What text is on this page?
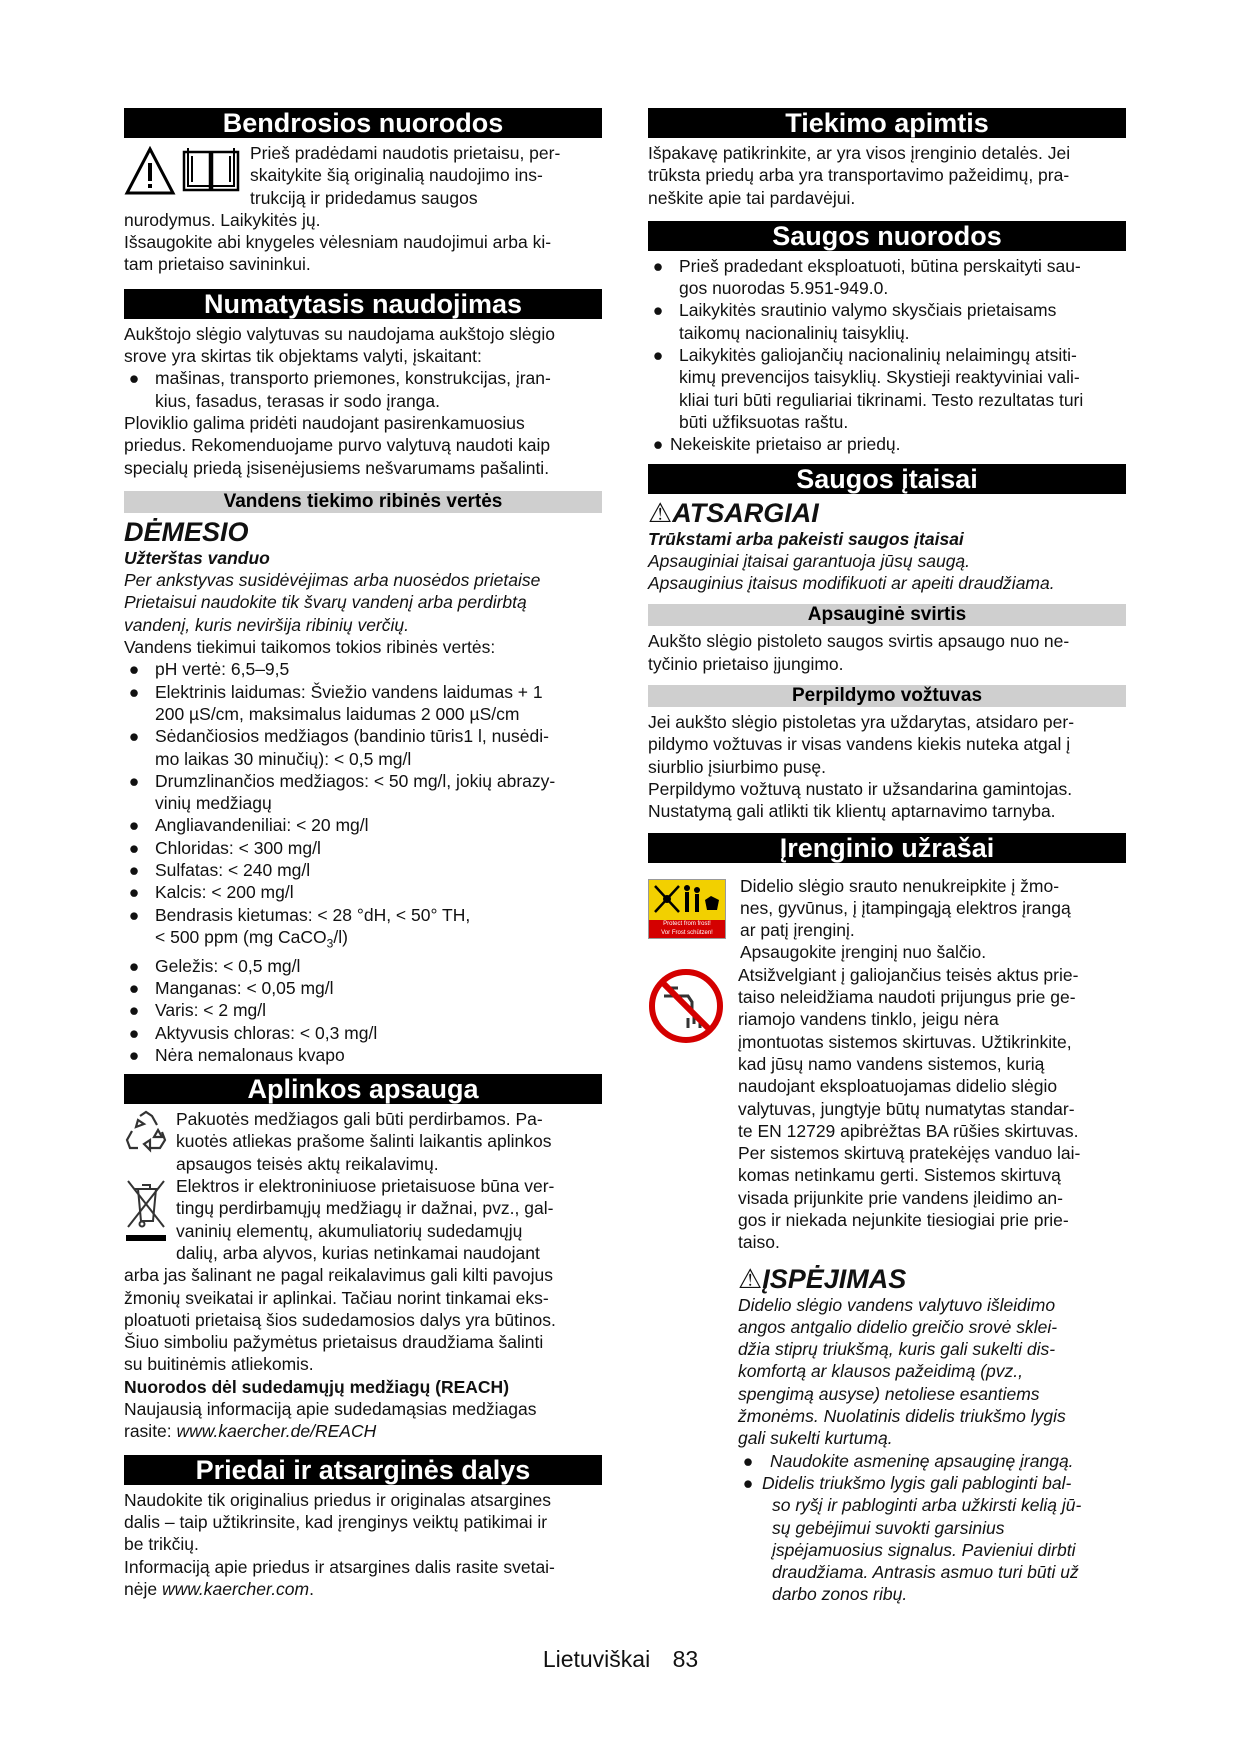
Bendrosios nuorodos

Prieš pradėdami naudotis prietaisu, per-

skaitykite šią originalią naudojimo ins-

trukciją ir pridedamus saugos

nurodymus. Laikykitės jų.

Išsaugokite abi knygeles vėlesniam naudojimui arba ki-

tam prietaiso savininkui.

Numatytasis naudojimas

Aukštojo slėgio valytuvas su naudojama aukštojo slėgio

srove yra skirtas tik objektams valyti, įskaitant:

● mašinas, transporto priemones, konstrukcijas, įran-
kius, fasadus, terasas ir sodo įranga.

Ploviklio galima pridėti naudojant pasirenkamuosius

priedus. Rekomenduojame purvo valytuvą naudoti kaip

specialų priedą įsisenėjusiems nešvarumams pašalinti.

Vandens tiekimo ribinės vertės
DĖMESIO

Užterštas vanduo

Per ankstyvas susidėvėjimas arba nuosėdos prietaise

Prietaisui naudokite tik švarų vandenį arba perdirbtą

vandenį, kuris neviršija ribinių verčių.

Vandens tiekimui taikomos tokios ribinės vertės:

● pH vertė: 6,5–9,5
● Elektrinis laidumas: Šviežio vandens laidumas + 1
200 µS/cm, maksimalus laidumas 2 000 µS/cm
● Sėdančiosios medžiagos (bandinio tūris1 l, nusėdi-
mo laikas 30 minučių): < 0,5 mg/l
● Drumzlinančios medžiagos: < 50 mg/l, jokių abrazy-
vinių medžiagų
● Angliavandeniliai: < 20 mg/l
● Chloridas: < 300 mg/l
● Sulfatas: < 240 mg/l
● Kalcis: < 200 mg/l
● Bendrasis kietumas: < 28 °dH, < 50° TH,
< 500 ppm (mg CaCO$_3$/l)
● Geležis: < 0,5 mg/l
● Manganas: < 0,05 mg/l
● Varis: < 2 mg/l
● Aktyvusis chloras: < 0,3 mg/l
● Nėra nemalonaus kvapo
Aplinkos apsauga

Pakuotės medžiagos gali būti perdirbamos. Pa-

kuotės atliekas prašome šalinti laikantis aplinkos

apsaugos teisės aktų reikalavimų.

Elektros ir elektroniniuose prietaisuose būna ver-

tingų perdirbamųjų medžiagų ir dažnai, pvz., gal-

vaninių elementų, akumuliatorių sudedamųjų

dalių, arba alyvos, kurias netinkamai naudojant

arba jas šalinant ne pagal reikalavimus gali kilti pavojus

žmonių sveikatai ir aplinkai. Tačiau norint tinkamai eks-

ploatuoti prietaisą šios sudedamosios dalys yra būtinos.

Šiuo simboliu pažymėtus prietaisus draudžiama šalinti

su buitinėmis atliekomis.

Nuorodos dėl sudedamųjų medžiagų (REACH)

Naujausią informaciją apie sudedamąsias medžiagas

rasite: www.kaercher.de/REACH

Priedai ir atsarginės dalys

Naudokite tik originalius priedus ir originalas atsargines

dalis – taip užtikrinsite, kad įrenginys veiktų patikimai ir

be trikčių.

Informaciją apie priedus ir atsargines dalis rasite svetai-

nėje www.kaercher.com.

Tiekimo apimtis

Išpakavę patikrinkite, ar yra visos įrenginio detalės. Jei

trūksta priedų arba yra transportavimo pažeidimų, pra-

neškite apie tai pardavėjui.

Saugos nuorodos
● Prieš pradedant eksploatuoti, būtina perskaityti sau-
gos nuorodas 5.951-949.0.
● Laikykitės srautinio valymo skysčiais prietaisams
taikomų nacionalinių taisyklių.
● Laikykitės galiojančių nacionalinių nelaimingų atsiti-
kimų prevencijos taisyklių. Skystieji reaktyviniai vali-
kliai turi būti reguliariai tikrinami. Testo rezultatas turi
būti užfiksuotas raštu.
● Nekeiskite prietaiso ar priedų.
Saugos įtaisai
⚠ATSARGIAI

Trūkstami arba pakeisti saugos įtaisai

Apsauginiai įtaisai garantuoja jūsų saugą.

Apsauginius įtaisus modifikuoti ar apeiti draudžiama.

Apsauginė svirtis

Aukšto slėgio pistoleto saugos svirtis apsaugo nuo ne-

tyčinio prietaiso įjungimo.

Perpildymo vožtuvas

Jei aukšto slėgio pistoletas yra uždarytas, atsidaro per-

pildymo vožtuvas ir visas vandens kiekis nuteka atgal į

siurblio įsiurbimo pusę.

Perpildymo vožtuvą nustato ir užsandarina gamintojas.

Nustatymą gali atlikti tik klientų aptarnavimo tarnyba.

Įrenginio užrašai
Protect from frost!
Vor Frost schützen!

Didelio slėgio srauto nenukreipkite į žmo-

nes, gyvūnus, į įtampingąją elektros įrangą

ar patį įrenginį.

Apsaugokite įrenginį nuo šalčio.

Atsižvelgiant į galiojančius teisės aktus prie-

taiso neleidžiama naudoti prijungus prie ge-

riamojo vandens tinklo, jeigu nėra

įmontuotas sistemos skirtuvas. Užtikrinkite,

kad jūsų namo vandens sistemos, kurią

naudojant eksploatuojamas didelio slėgio

valytuvas, jungtyje būtų numatytas standar-

te EN 12729 apibrėžtas BA rūšies skirtuvas.

Per sistemos skirtuvą pratekėjęs vanduo lai-

komas netinkamu gerti. Sistemos skirtuvą

visada prijunkite prie vandens įleidimo an-

gos ir niekada nejunkite tiesiogiai prie prie-

taiso.

⚠ĮSPĖJIMAS

Didelio slėgio vandens valytuvo išleidimo

angos antgalio didelio greičio srovė sklei-

džia stiprų triukšmą, kuris gali sukelti dis-

komfortą ar klausos pažeidimą (pvz.,

spengimą ausyse) netoliese esantiems

žmonėms. Nuolatinis didelis triukšmo lygis

gali sukelti kurtumą.

● Naudokite asmeninę apsauginę įrangą.
● Didelis triukšmo lygis gali pabloginti bal-
so ryšį ir pabloginti arba užkirsti kelią jū-
sų gebėjimui suvokti garsinius
įspėjamuosius signalus. Pavieniui dirbti
draudžiama. Antrasis asmuo turi būti už
darbo zonos ribų.
Lietuviškai 83
